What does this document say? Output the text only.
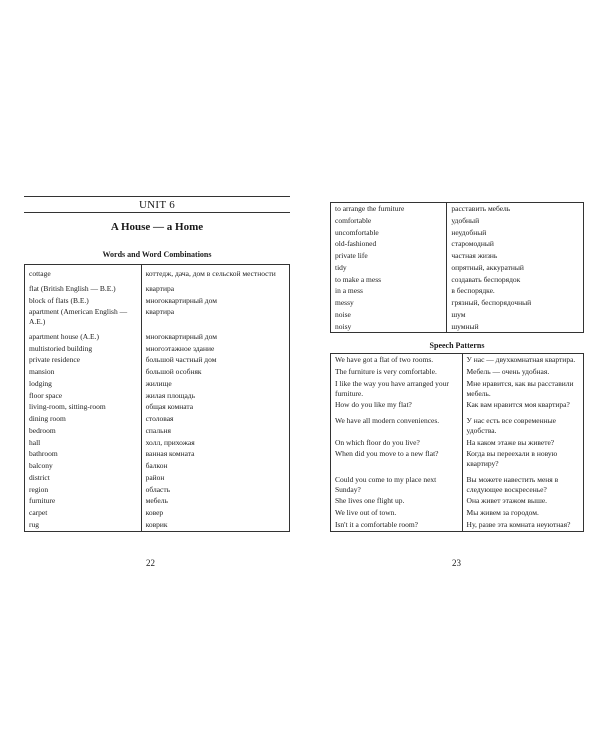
UNIT 6
A House — a Home
Words and Word Combinations
cottage	коттедж, дача, дом в сельской местности
flat (British English — B.E.)	квартира
block of flats (B.E.)	многоквартирный дом
apartment (American English — A.E.)	квартира
apartment house (A.E.)	многоквартирный дом
multistoried building	многоэтажное здание
private residence	большой частный дом
mansion	большой особняк
lodging	жилище
floor space	жилая площадь
living-room, sitting-room	общая комната
dining room	столовая
bedroom	спальня
hall	холл, прихожая
bathroom	ванная комната
balcony	балкон
district	район
region	область
furniture	мебель
carpet	ковер
rug	коврик
22
to arrange the furniture	расставить мебель
comfortable	удобный
uncomfortable	неудобный
old-fashioned	старомодный
private life	частная жизнь
tidy	опрятный, аккуратный
to make a mess	создавать беспорядок
in a mess	в беспорядке.
messy	грязный, беспорядочный
noise	шум
noisy	шумный
Speech Patterns
We have got a flat of two rooms.	У нас — двухкомнатная квартира.
The furniture is very comfortable.	Мебель — очень удобная.
I like the way you have arranged your furniture.	Мне нравится, как вы расставили мебель.
How do you like my flat?	Как вам нравится моя квартира?
We have all modern conveniences.	У нас есть все современные удобства.
On which floor do you live?	На каком этаже вы живете?
When did you move to a new flat?	Когда вы переехали в новую квартиру?
Could you come to my place next Sunday?	Вы можете навестить меня в следующее воскресенье?
She lives one flight up.	Она живет этажом выше.
We live out of town.	Мы живем за городом.
Isn't it a comfortable room?	Ну, разве эта комната неуютная?
23
